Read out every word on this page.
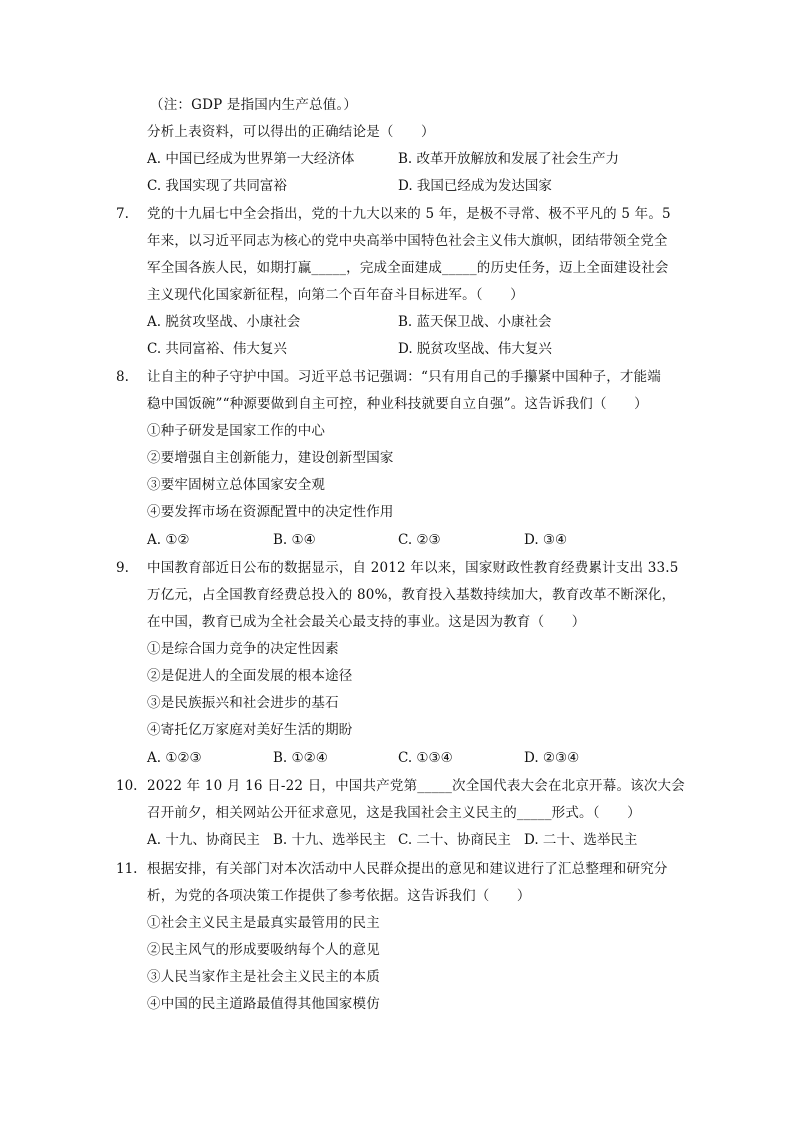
（注：GDP 是指国内生产总值。）
分析上表资料，可以得出的正确结论是（　　）
A. 中国已经成为世界第一大经济体	B. 改革开放解放和发展了社会生产力
C. 我国实现了共同富裕	D. 我国已经成为发达国家
7. 党的十九届七中全会指出，党的十九大以来的 5 年，是极不寻常、极不平凡的 5 年。5
年来，以习近平同志为核心的党中央高举中国特色社会主义伟大旗帜，团结带领全党全
军全国各族人民，如期打赢_____，完成全面建成_____的历史任务，迈上全面建设社会
主义现代化国家新征程，向第二个百年奋斗目标进军。（　　）
A. 脱贫攻坚战、小康社会	B. 蓝天保卫战、小康社会
C. 共同富裕、伟大复兴	D. 脱贫攻坚战、伟大复兴
8. 让自主的种子守护中国。习近平总书记强调：“只有用自己的手攥紧中国种子，才能端
稳中国饭碗”“种源要做到自主可控，种业科技就要自立自强”。这告诉我们（　　）
①种子研发是国家工作的中心
②要增强自主创新能力，建设创新型国家
③要牢固树立总体国家安全观
④要发挥市场在资源配置中的决定性作用
A. ①②	B. ①④	C. ②③	D. ③④
9. 中国教育部近日公布的数据显示，自 2012 年以来，国家财政性教育经费累计支出 33.5
万亿元，占全国教育经费总投入的 80%，教育投入基数持续加大，教育改革不断深化，
在中国，教育已成为全社会最关心最支持的事业。这是因为教育（　　）
①是综合国力竞争的决定性因素
②是促进人的全面发展的根本途径
③是民族振兴和社会进步的基石
④寄托亿万家庭对美好生活的期盼
A. ①②③	B. ①②④	C. ①③④	D. ②③④
10. 2022 年 10 月 16 日-22 日，中国共产党第_____次全国代表大会在北京开幕。该次大会
召开前夕，相关网站公开征求意见，这是我国社会主义民主的_____形式。（　　）
A. 十九、协商民主 B. 十九、选举民主 C. 二十、协商民主 D. 二十、选举民主
11. 根据安排，有关部门对本次活动中人民群众提出的意见和建议进行了汇总整理和研究分
析，为党的各项决策工作提供了参考依据。这告诉我们（　　）
①社会主义民主是最真实最管用的民主
②民主风气的形成要吸纳每个人的意见
③人民当家作主是社会主义民主的本质
④中国的民主道路最值得其他国家模仿
